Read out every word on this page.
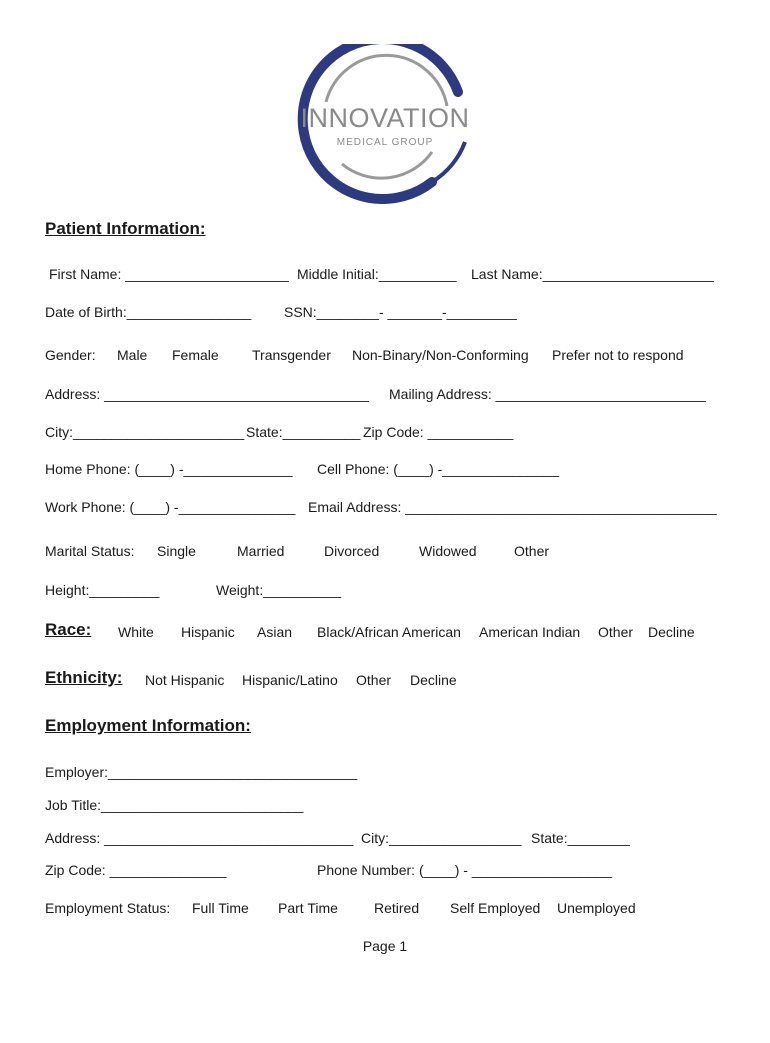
INNOVATION
MEDICAL GROUP
Patient Information:

First Name: _____________________

Middle Initial:__________

Last Name:______________________

Date of Birth:________________

SSN:________- _______-_________

Gender:

Male

Female

Transgender

Non-Binary/Non-Conforming

Prefer not to respond

Address: __________________________________

Mailing Address: ___________________________

City:______________________

State:__________

Zip Code: ___________

Home Phone: (____) -______________

Cell Phone: (____) -_______________

Work Phone: (____) -_______________

Email Address: ________________________________________

Marital Status:

Single

	Married

	Divorced

	Widowed

	Other

Height:_________

	Weight:__________

Race:

White

Hispanic

Asian

Black/African American

American Indian

Other

Decline

Ethnicity:

Not Hispanic

Hispanic/Latino

Other

Decline

Employment Information:

Employer:________________________________

Job Title:__________________________

Address: ________________________________

City:_________________

State:________

Zip Code: _______________

	Phone Number: (____) - __________________

Employment Status:

Full Time

Part Time

	Retired

Self Employed

Unemployed

Page 1
